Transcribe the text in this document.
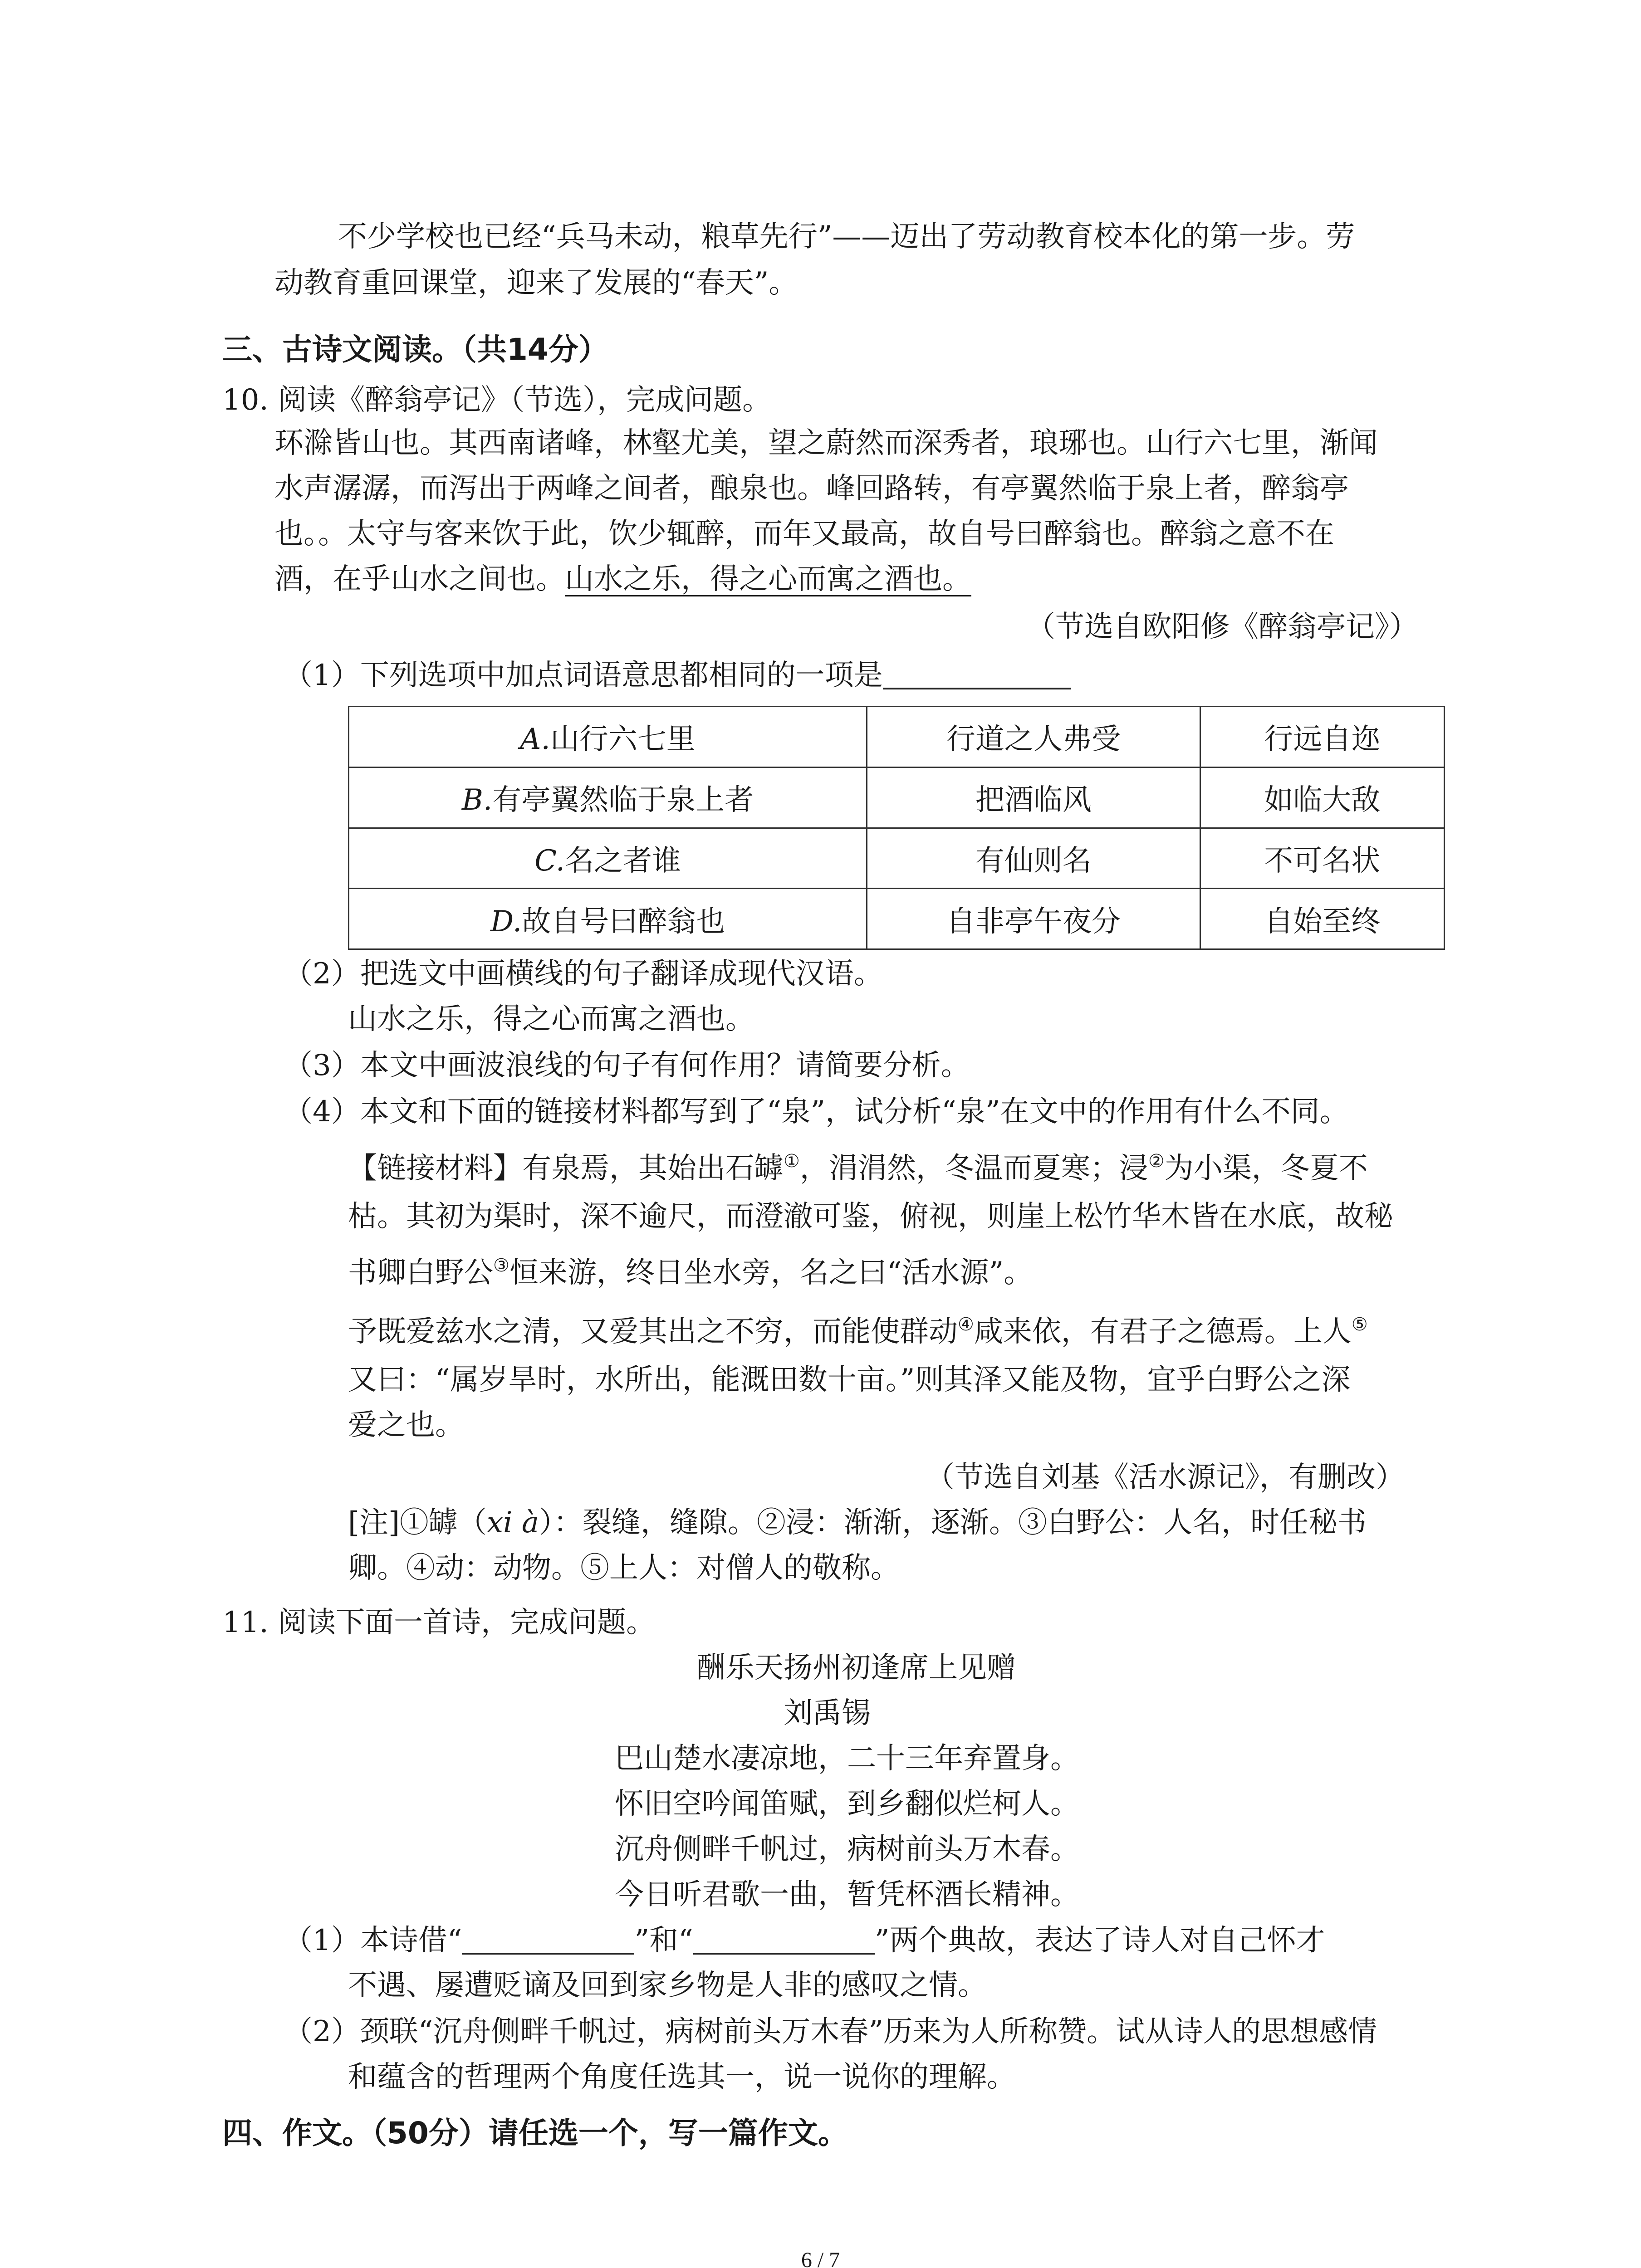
不少学校也已经“兵马未动，粮草先行”——迈出了劳动教育校本化的第一步。劳
动教育重回课堂，迎来了发展的“春天”。
三、古诗文阅读。（共14分）
10. 阅读《醉翁亭记》（节选），完成问题。
环滁皆山也。其西南诸峰，林壑尤美，望之蔚然而深秀者，琅琊也。山行六七里，渐闻
水声潺潺，而泻出于两峰之间者，酿泉也。峰回路转，有亭翼然临于泉上者，醉翁亭
也。。太守与客来饮于此，饮少辄醉，而年又最高，故自号曰醉翁也。醉翁之意不在
酒，在乎山水之间也。山水之乐，得之心而寓之酒也。
（节选自欧阳修《醉翁亭记》）
（1）下列选项中加点词语意思都相同的一项是
A.山行六七里	行道之人弗受	行远自迩
B.有亭翼然临于泉上者	把酒临风	如临大敌
C.名之者谁	有仙则名	不可名状
D.故自号曰醉翁也	自非亭午夜分	自始至终
（2）把选文中画横线的句子翻译成现代汉语。
山水之乐，得之心而寓之酒也。
（3）本文中画波浪线的句子有何作用？请简要分析。
（4）本文和下面的链接材料都写到了“泉”，试分析“泉”在文中的作用有什么不同。
【链接材料】有泉焉，其始出石罅①，涓涓然，冬温而夏寒；浸②为小渠，冬夏不
枯。其初为渠时，深不逾尺，而澄澈可鉴，俯视，则崖上松竹华木皆在水底，故秘
书卿白野公③恒来游，终日坐水旁，名之曰“活水源”。
予既爱兹水之清，又爱其出之不穷，而能使群动④咸来依，有君子之德焉。上人⑤
又曰：“属岁旱时，水所出，能溉田数十亩。”则其泽又能及物，宜乎白野公之深
爱之也。
（节选自刘基《活水源记》，有删改）
[注]①罅（xi à）：裂缝，缝隙。②浸：渐渐，逐渐。③白野公：人名，时任秘书
卿。④动：动物。⑤上人：对僧人的敬称。
11. 阅读下面一首诗，完成问题。
酬乐天扬州初逢席上见赠
刘禹锡
巴山楚水凄凉地，二十三年弃置身。
怀旧空吟闻笛赋，到乡翻似烂柯人。
沉舟侧畔千帆过，病树前头万木春。
今日听君歌一曲，暂凭杯酒长精神。
（1）本诗借“	”和“	”两个典故，表达了诗人对自己怀才
不遇、屡遭贬谪及回到家乡物是人非的感叹之情。
（2）颈联“沉舟侧畔千帆过，病树前头万木春”历来为人所称赞。试从诗人的思想感情
和蕴含的哲理两个角度任选其一，说一说你的理解。
四、作文。（50分）请任选一个，写一篇作文。
6 / 7
